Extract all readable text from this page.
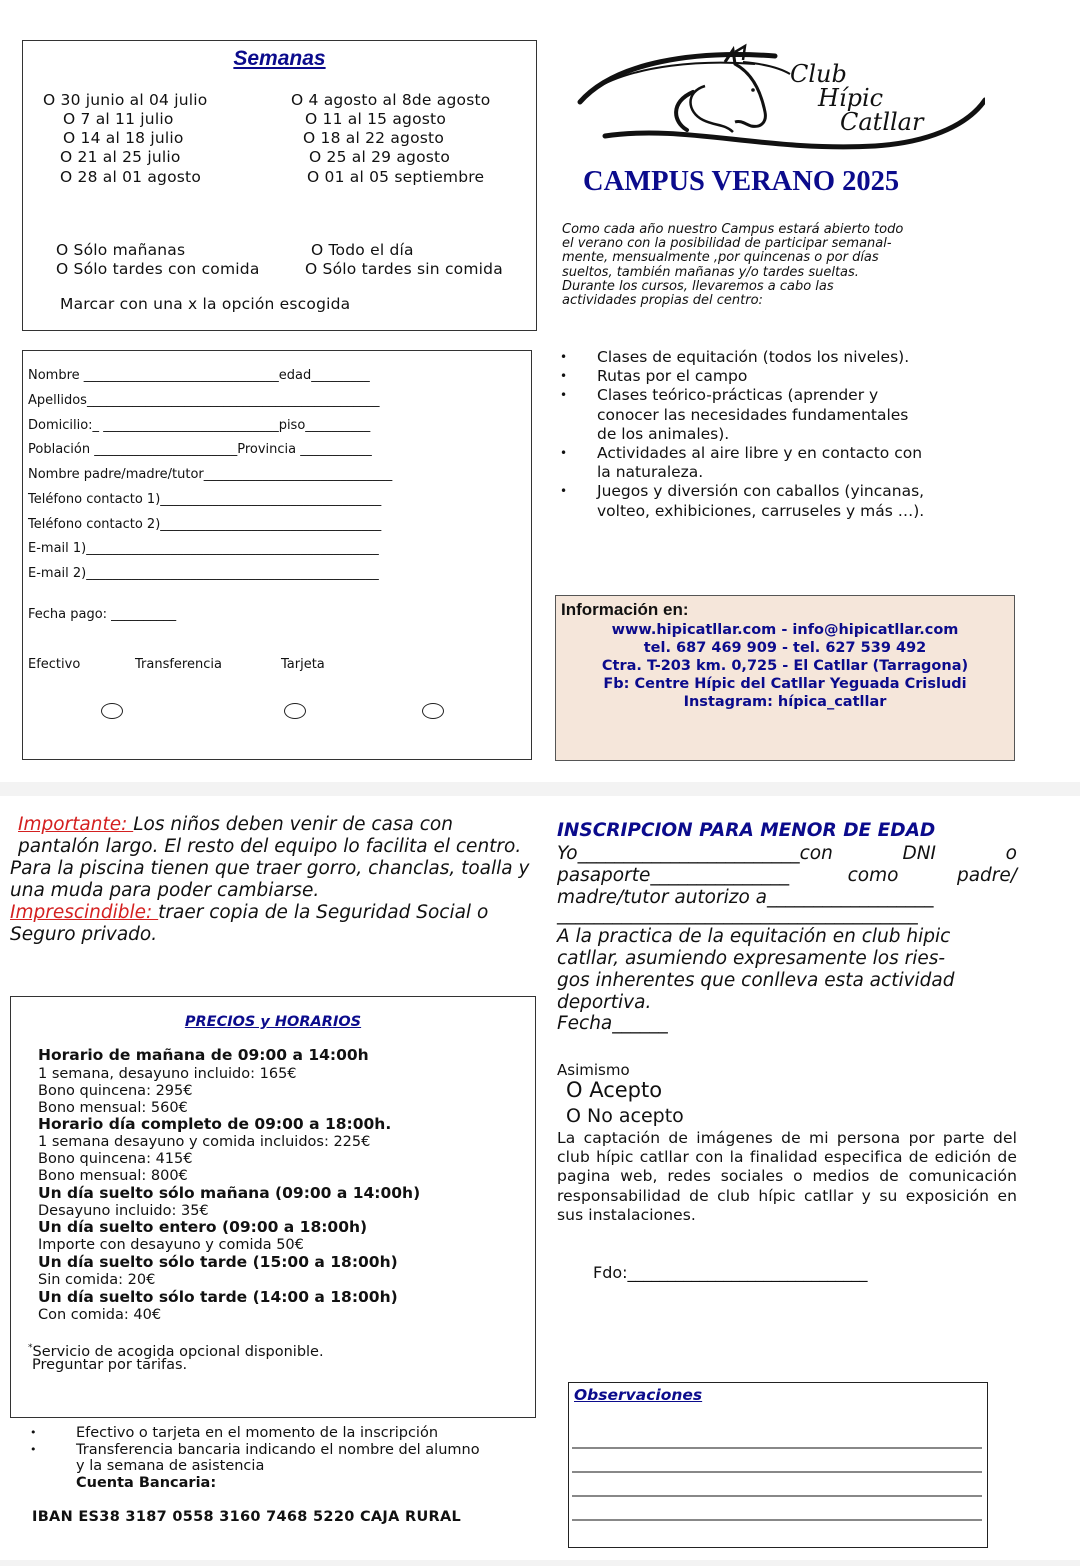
Semanas
O 30 junio al 04 julio
O 7 al 11 julio
O 14 al 18 julio
O 21 al 25 julio
O 28 al 01 agosto
O 4 agosto al 8de agosto
O 11 al 15 agosto
O 18 al 22 agosto
O 25 al 29 agosto
O 01 al 05 septiembre
O Sólo mañanas	O Todo el día
O Sólo tardes con comida	O Sólo tardes sin comida
Marcar con una x la opción escogida
Club
Hípic
Catllar
CAMPUS VERANO 2025
Como cada año nuestro Campus estará abierto todo
el verano con la posibilidad de participar semanal-
mente, mensualmente ,por quincenas o por días
sueltos, también mañanas y/o tardes sueltas.
Durante los cursos, llevaremos a cabo las
actividades propias del centro:
Nombre ______________________________edad_________
Apellidos_____________________________________________
Domicilio:_ ___________________________piso__________
Población ______________________Provincia ___________
Nombre padre/madre/tutor_____________________________
Teléfono contacto 1)__________________________________
Teléfono contacto 2)__________________________________
E-mail 1)_____________________________________________
E-mail 2)_____________________________________________
Fecha pago: __________
Efectivo	Transferencia	Tarjeta
• Clases de equitación (todos los niveles).
• Rutas por el campo
• Clases teórico-prácticas (aprender y
conocer las necesidades fundamentales
de los animales).
• Actividades al aire libre y en contacto con
la naturaleza.
• Juegos y diversión con caballos (yincanas,
volteo, exhibiciones, carruseles y más …).
Información en:
www.hipicatllar.com - info@hipicatllar.com
tel. 687 469 909 - tel. 627 539 492
Ctra. T-203 km. 0,725 - El Catllar (Tarragona)
Fb: Centre Hípic del Catllar Yeguada Crisludi
Instagram: hípica_catllar
Importante: Los niños deben venir de casa con pantalón largo. El resto del equipo lo facilita el centro.
Para la piscina tienen que traer gorro, chanclas, toalla y una muda para poder cambiarse.
Imprescindible: traer copia de la Seguridad Social o Seguro privado.
PRECIOS y HORARIOS
Horario de mañana de 09:00 a 14:00h
1 semana, desayuno incluido: 165€
Bono quincena: 295€
Bono mensual: 560€
Horario día completo de 09:00 a 18:00h.
1 semana desayuno y comida incluidos: 225€
Bono quincena: 415€
Bono mensual: 800€
Un día suelto sólo mañana (09:00 a 14:00h)
Desayuno incluido: 35€
Un día suelto entero (09:00 a 18:00h)
Importe con desayuno y comida 50€
Un día suelto sólo tarde (15:00 a 18:00h)
Sin comida: 20€
Un día suelto sólo tarde (14:00 a 18:00h)
Con comida: 40€
*Servicio de acogida opcional disponible.
Preguntar por tarifas.
•	Efectivo o tarjeta en el momento de la inscripción
•	Transferencia bancaria indicando el nombre del alumno
y la semana de asistencia
Cuenta Bancaria:
IBAN ES38 3187 0558 3160 7468 5220 CAJA RURAL
INSCRIPCION PARA MENOR DE EDAD
Yo________________________con	DNI	o
pasaporte_______________	como	padre/
madre/tutor autorizo a__________________
_______________________________________
A la practica de la equitación en club hipic
catllar, asumiendo expresamente los ries-
gos inherentes que conlleva esta actividad
deportiva.
Fecha______
Asimismo
O Acepto
O No acepto
La captación de imágenes de mi persona por parte del club hípic catllar con la finalidad especifica de edición de pagina web, redes sociales o medios de comunicación responsabilidad de club hípic catllar y su exposición en sus instalaciones.
Fdo:______________________________
Observaciones
